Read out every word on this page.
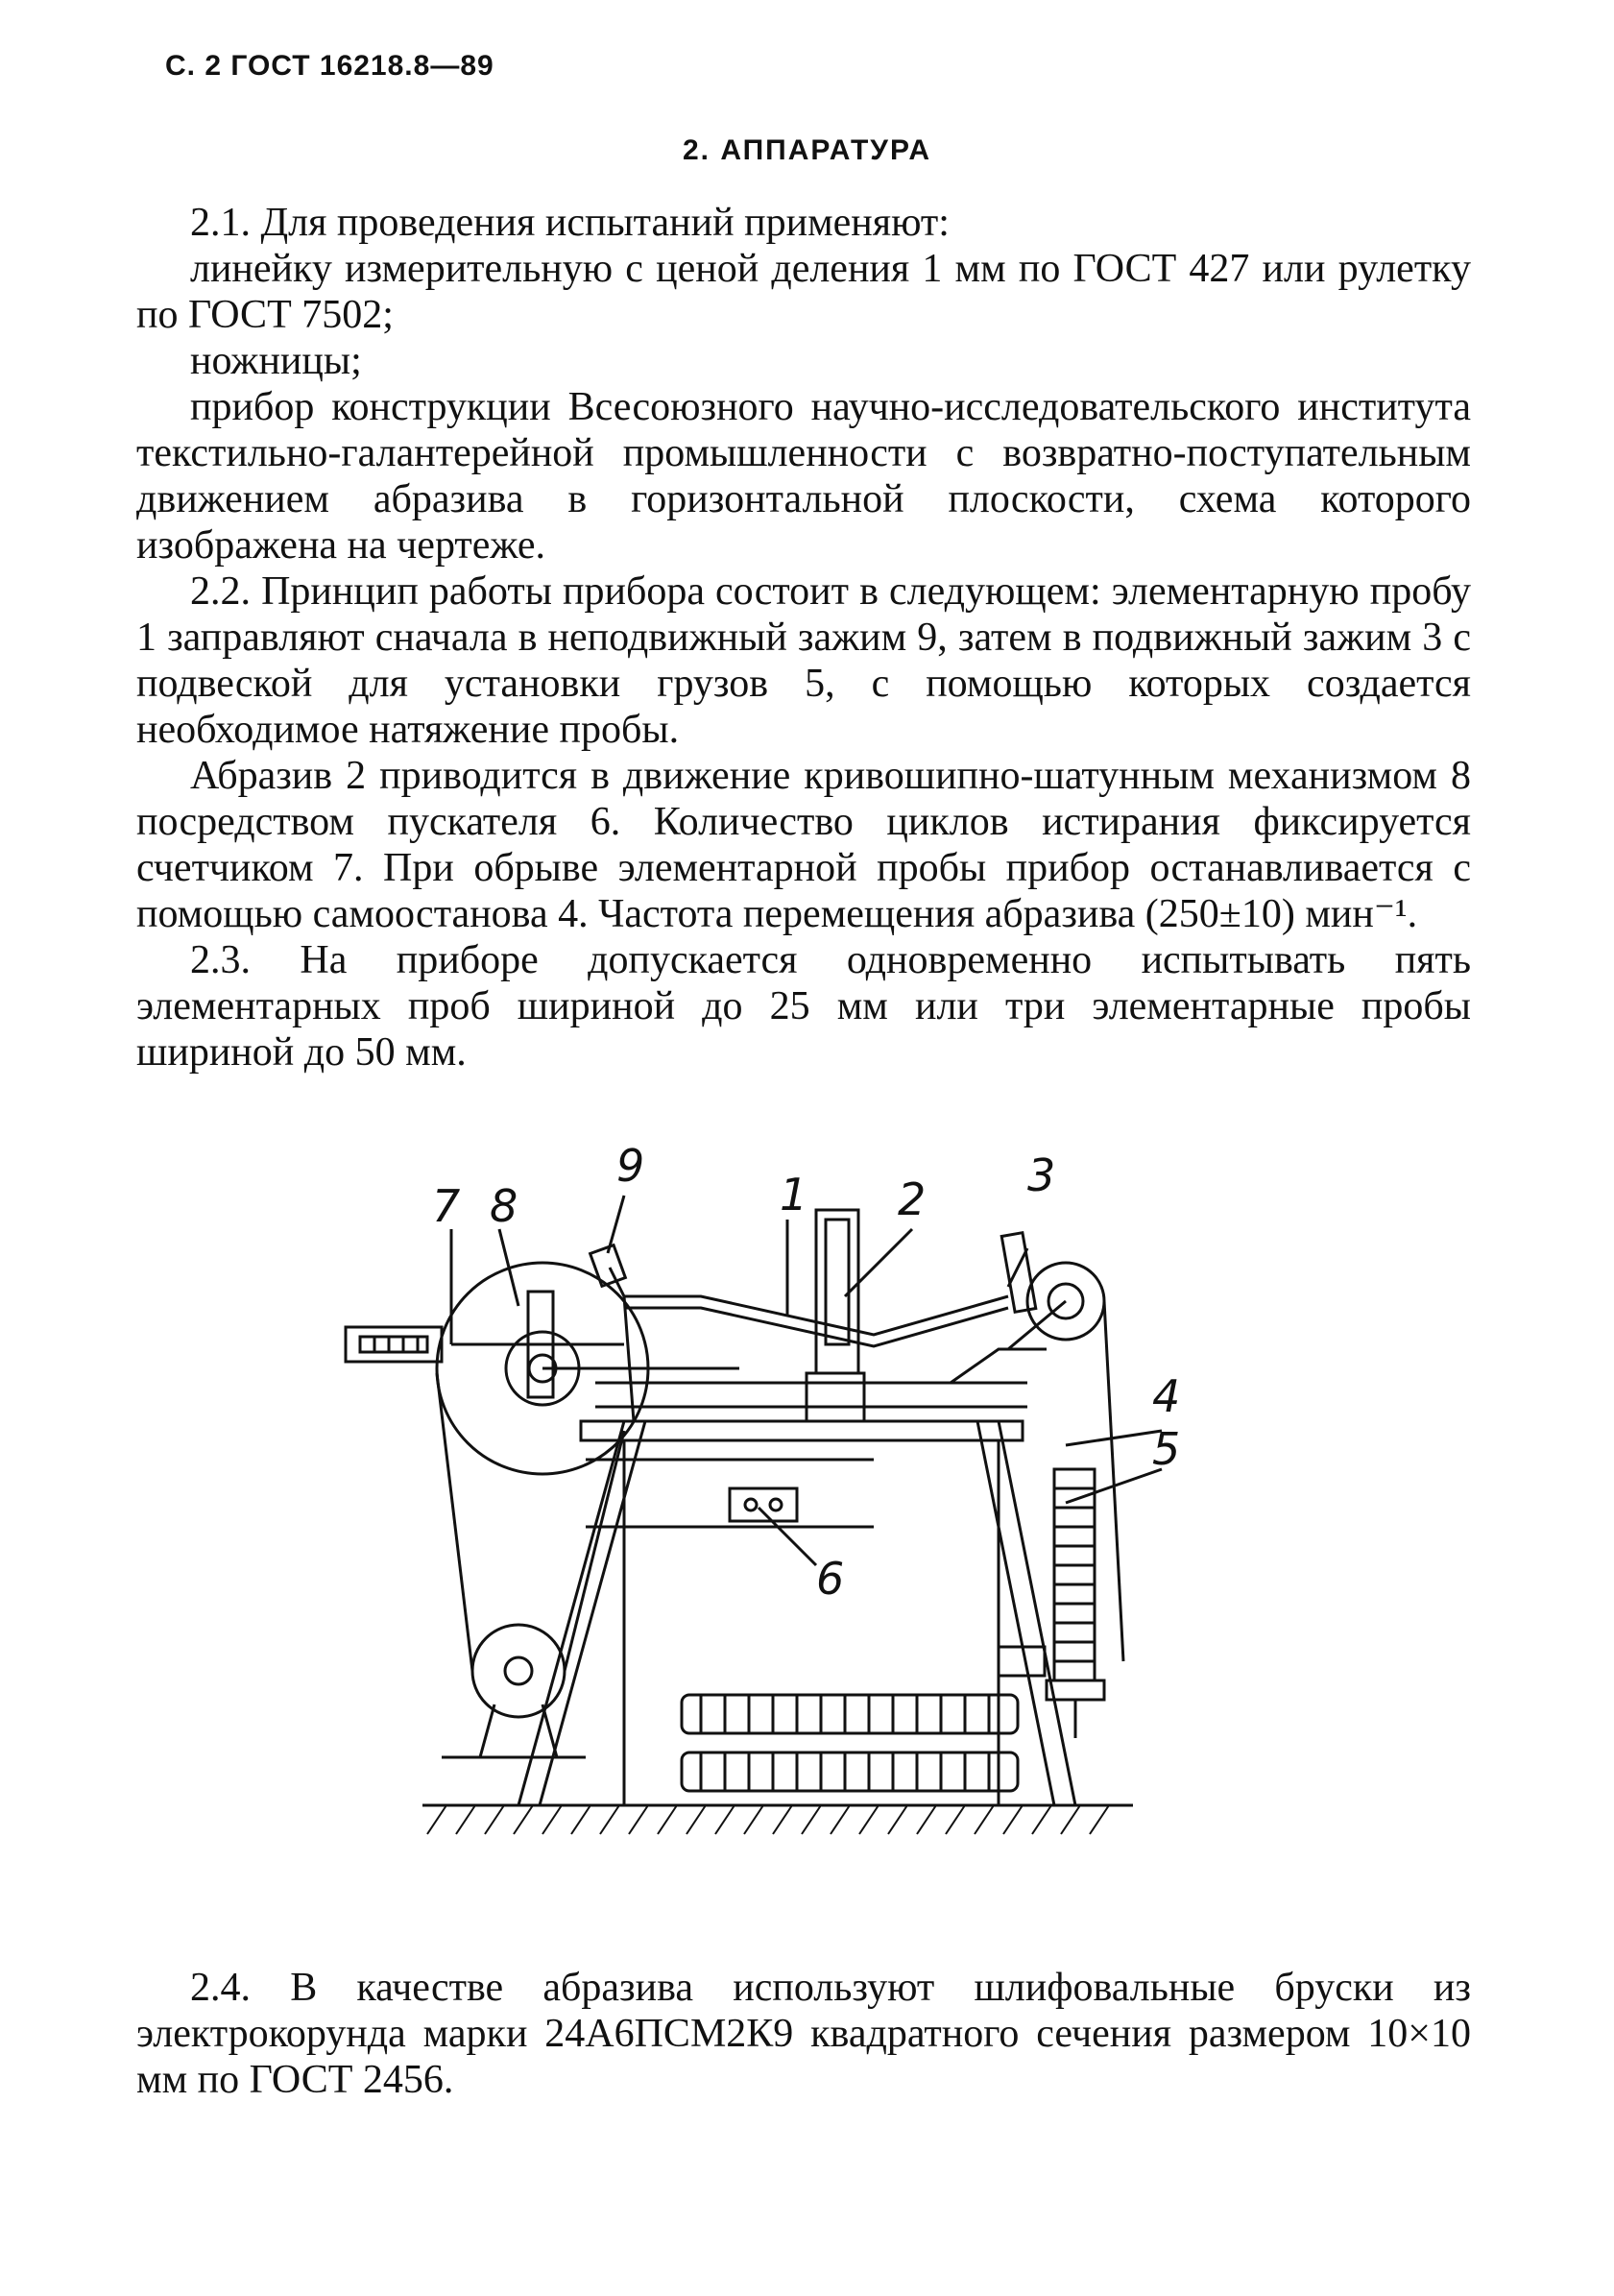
С. 2 ГОСТ 16218.8—89
2. АППАРАТУРА

2.1. Для проведения испытаний применяют:

линейку измерительную с ценой деления 1 мм по ГОСТ 427 или рулетку по ГОСТ 7502;

ножницы;

прибор конструкции Всесоюзного научно-исследовательского института текстильно-галантерейной промышленности с возвратно-поступательным движением абразива в горизонтальной плоскости, схема которого изображена на чертеже.

2.2. Принцип работы прибора состоит в следующем: элементарную пробу 1 заправляют сначала в неподвижный зажим 9, затем в подвижный зажим 3 с подвеской для установки грузов 5, с помощью которых создается необходимое натяжение пробы.

Абразив 2 приводится в движение кривошипно-шатунным механизмом 8 посредством пускателя 6. Количество циклов истирания фиксируется счетчиком 7. При обрыве элементарной пробы прибор останавливается с помощью самоостанова 4. Частота перемещения абразива (250±10) мин⁻¹.

2.3. На приборе допускается одновременно испытывать пять элементарных проб шириной до 25 мм или три элементарные пробы шириной до 50 мм.

9
1 2 3
7 8
4
5
6

2.4. В качестве абразива используют шлифовальные бруски из электрокорунда марки 24А6ПСМ2К9 квадратного сечения размером 10×10 мм по ГОСТ 2456.
